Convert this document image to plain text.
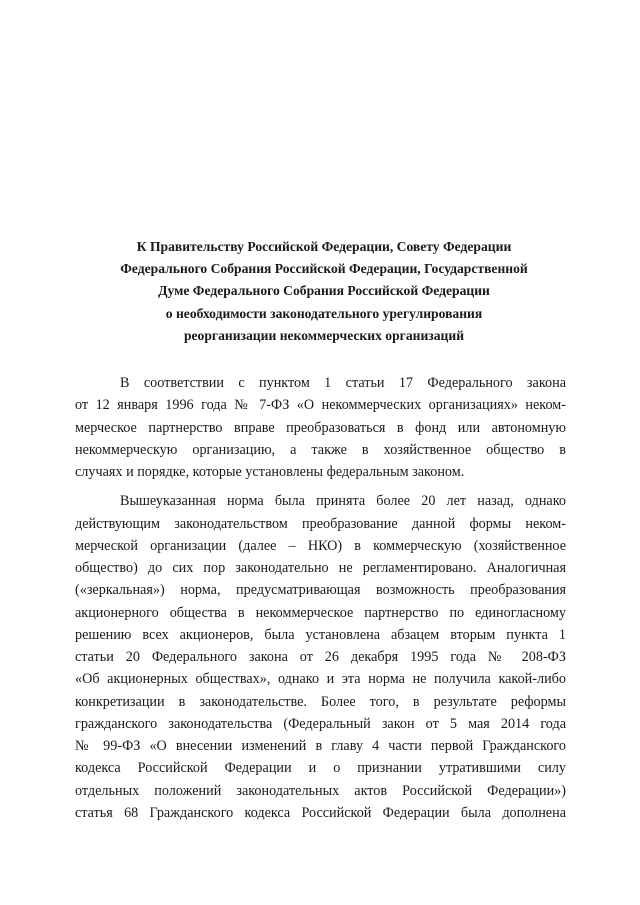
К Правительству Российской Федерации, Совету Федерации
Федерального Собрания Российской Федерации, Государственной
Думе Федерального Собрания Российской Федерации
о необходимости законодательного урегулирования
реорганизации некоммерческих организаций
В соответствии с пунктом 1 статьи 17 Федерального закона
от 12 января 1996 года № 7-ФЗ «О некоммерческих организациях» неком-
мерческое партнерство вправе преобразоваться в фонд или автономную
некоммерческую организацию, а также в хозяйственное общество в
случаях и порядке, которые установлены федеральным законом.
Вышеуказанная норма была принята более 20 лет назад, однако
действующим законодательством преобразование данной формы неком-
мерческой организации (далее – НКО) в коммерческую (хозяйственное
общество) до сих пор законодательно не регламентировано. Аналогичная
(«зеркальная») норма, предусматривающая возможность преобразования
акционерного общества в некоммерческое партнерство по единогласному
решению всех акционеров, была установлена абзацем вторым пункта 1
статьи 20 Федерального закона от 26 декабря 1995 года № 208-ФЗ
«Об акционерных обществах», однако и эта норма не получила какой-либо
конкретизации в законодательстве. Более того, в результате реформы
гражданского законодательства (Федеральный закон от 5 мая 2014 года
№ 99-ФЗ «О внесении изменений в главу 4 части первой Гражданского
кодекса Российской Федерации и о признании утратившими силу
отдельных положений законодательных актов Российской Федерации»)
статья 68 Гражданского кодекса Российской Федерации была дополнена
